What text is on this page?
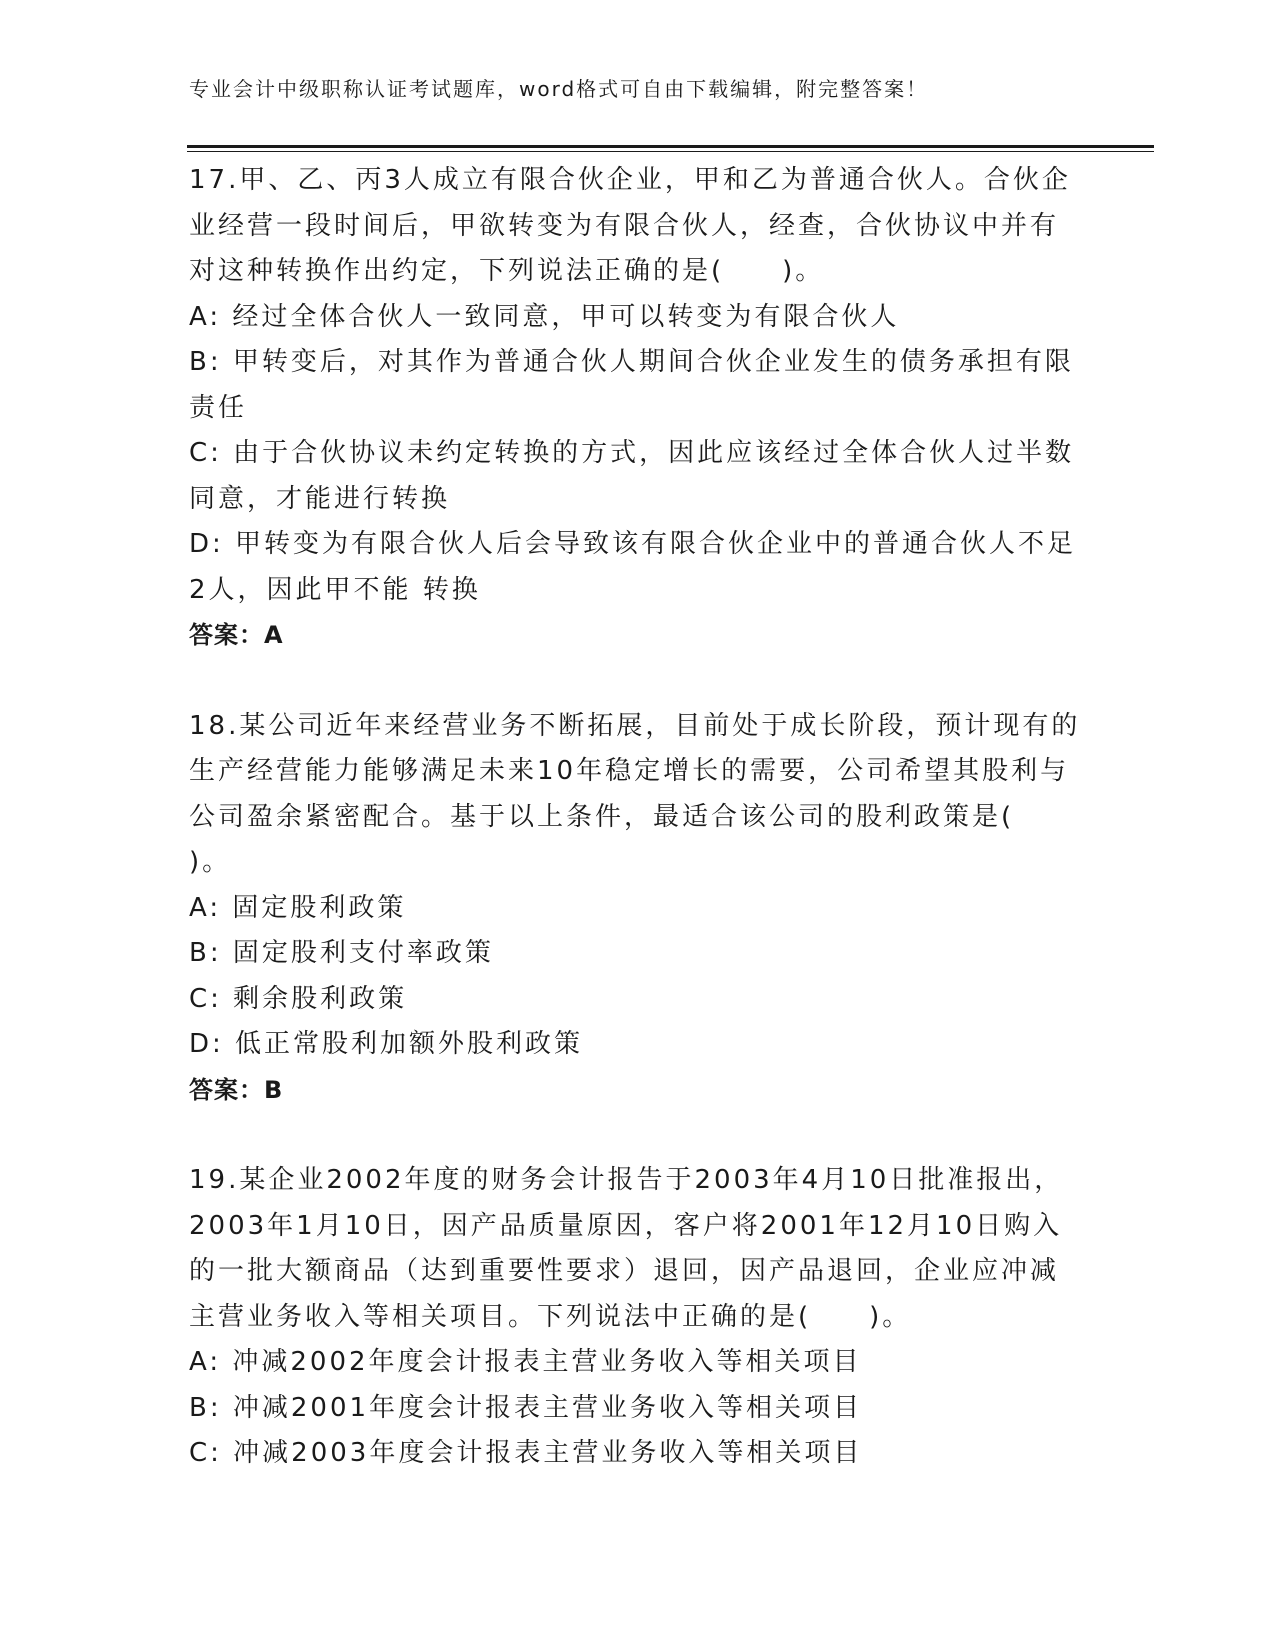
专业会计中级职称认证考试题库，word格式可自由下载编辑，附完整答案！
17.甲、乙、丙3人成立有限合伙企业，甲和乙为普通合伙人。合伙企
业经营一段时间后，甲欲转变为有限合伙人，经查，合伙协议中并有
对这种转换作出约定，下列说法正确的是(　　)。
A: 经过全体合伙人一致同意，甲可以转变为有限合伙人
B: 甲转变后，对其作为普通合伙人期间合伙企业发生的债务承担有限
责任
C: 由于合伙协议未约定转换的方式，因此应该经过全体合伙人过半数
同意，才能进行转换
D: 甲转变为有限合伙人后会导致该有限合伙企业中的普通合伙人不足
2人，因此甲不能 转换
答案：A
18.某公司近年来经营业务不断拓展，目前处于成长阶段，预计现有的
生产经营能力能够满足未来10年稳定增长的需要，公司希望其股利与
公司盈余紧密配合。基于以上条件，最适合该公司的股利政策是(
)。
A: 固定股利政策
B: 固定股利支付率政策
C: 剩余股利政策
D: 低正常股利加额外股利政策
答案：B
19.某企业2002年度的财务会计报告于2003年4月10日批准报出，
2003年1月10日，因产品质量原因，客户将2001年12月10日购入
的一批大额商品（达到重要性要求）退回，因产品退回，企业应冲减
主营业务收入等相关项目。下列说法中正确的是(　　)。
A: 冲减2002年度会计报表主营业务收入等相关项目
B: 冲减2001年度会计报表主营业务收入等相关项目
C: 冲减2003年度会计报表主营业务收入等相关项目
